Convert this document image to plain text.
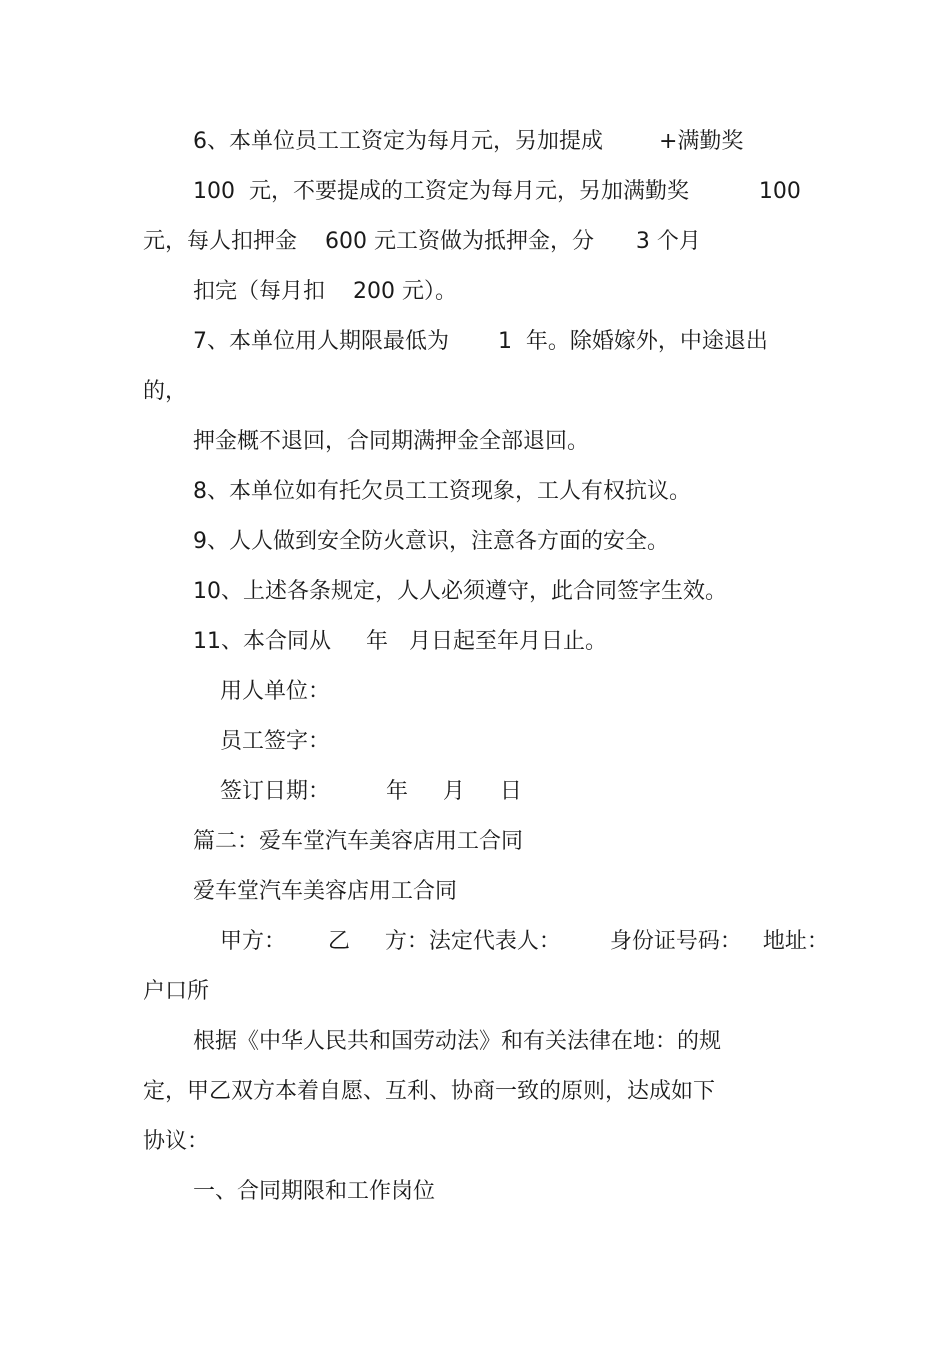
6、本单位员工工资定为每月元，另加提成        +满勤奖
100  元，不要提成的工资定为每月元，另加满勤奖          100
元，每人扣押金    600 元工资做为抵押金，分      3 个月
扣完（每月扣    200 元）。
7、本单位用人期限最低为       1  年。除婚嫁外，中途退出
的，
押金概不退回，合同期满押金全部退回。
8、本单位如有托欠员工工资现象，工人有权抗议。
9、人人做到安全防火意识，注意各方面的安全。
10、上述各条规定，人人必须遵守，此合同签字生效。
11、本合同从     年   月日起至年月日止。
用人单位：
员工签字：
签订日期：        年     月     日
篇二：爱车堂汽车美容店用工合同
爱车堂汽车美容店用工合同
甲方：      乙     方：法定代表人：       身份证号码：   地址：
户口所
根据《中华人民共和国劳动法》和有关法律在地：的规
定，甲乙双方本着自愿、互利、协商一致的原则，达成如下
协议：
一、合同期限和工作岗位
